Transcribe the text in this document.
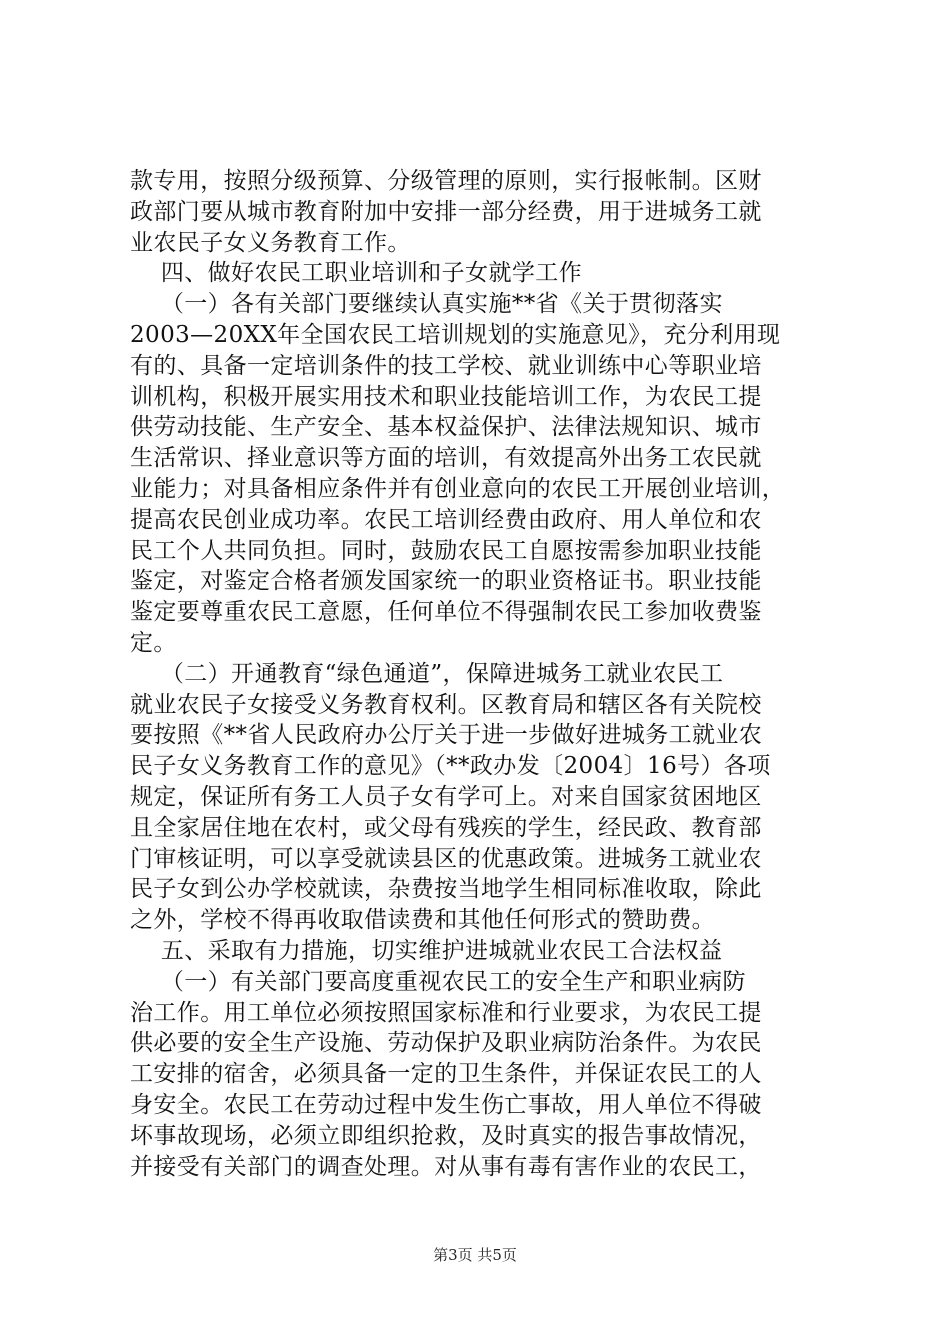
款专用，按照分级预算、分级管理的原则，实行报帐制。区财
政部门要从城市教育附加中安排一部分经费，用于进城务工就
业农民子女义务教育工作。
四、做好农民工职业培训和子女就学工作
（一）各有关部门要继续认真实施**省《关于贯彻落实
2003—20XX年全国农民工培训规划的实施意见》，充分利用现
有的、具备一定培训条件的技工学校、就业训练中心等职业培
训机构，积极开展实用技术和职业技能培训工作，为农民工提
供劳动技能、生产安全、基本权益保护、法律法规知识、城市
生活常识、择业意识等方面的培训，有效提高外出务工农民就
业能力；对具备相应条件并有创业意向的农民工开展创业培训，
提高农民创业成功率。农民工培训经费由政府、用人单位和农
民工个人共同负担。同时，鼓励农民工自愿按需参加职业技能
鉴定，对鉴定合格者颁发国家统一的职业资格证书。职业技能
鉴定要尊重农民工意愿，任何单位不得强制农民工参加收费鉴
定。
（二）开通教育“绿色通道”，保障进城务工就业农民工
就业农民子女接受义务教育权利。区教育局和辖区各有关院校
要按照《**省人民政府办公厅关于进一步做好进城务工就业农
民子女义务教育工作的意见》（**政办发〔2004〕16号）各项
规定，保证所有务工人员子女有学可上。对来自国家贫困地区
且全家居住地在农村，或父母有残疾的学生，经民政、教育部
门审核证明，可以享受就读县区的优惠政策。进城务工就业农
民子女到公办学校就读，杂费按当地学生相同标准收取，除此
之外，学校不得再收取借读费和其他任何形式的赞助费。
五、采取有力措施，切实维护进城就业农民工合法权益
（一）有关部门要高度重视农民工的安全生产和职业病防
治工作。用工单位必须按照国家标准和行业要求，为农民工提
供必要的安全生产设施、劳动保护及职业病防治条件。为农民
工安排的宿舍，必须具备一定的卫生条件，并保证农民工的人
身安全。农民工在劳动过程中发生伤亡事故，用人单位不得破
坏事故现场，必须立即组织抢救，及时真实的报告事故情况，
并接受有关部门的调查处理。对从事有毒有害作业的农民工，
第3页 共5页
